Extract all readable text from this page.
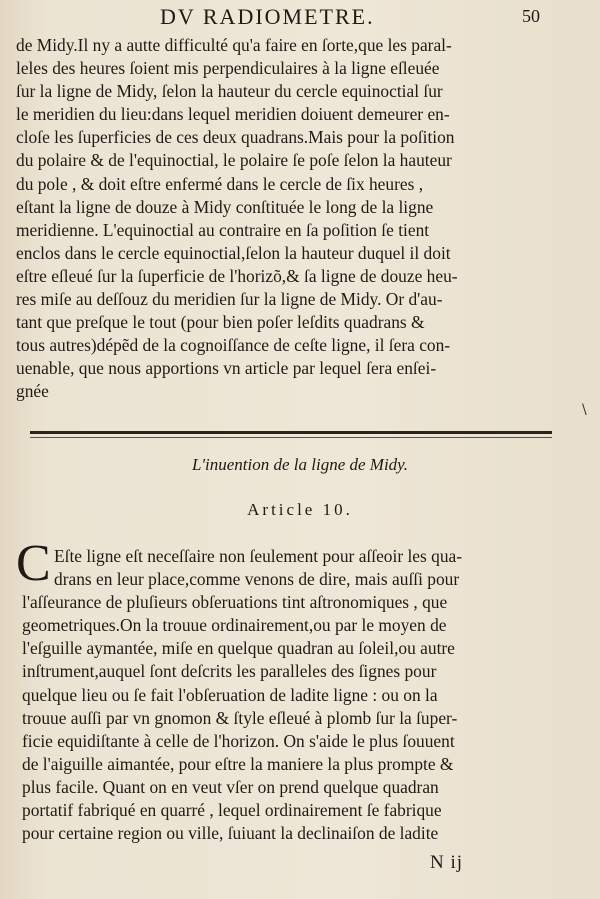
DV RADIOMETRE.	50
de Midy.Il ny a autte difficulté qu'a faire en ſorte,que les paral-
leles des heures ſoient mis perpendiculaires à la ligne eſleuée
ſur la ligne de Midy, ſelon la hauteur du cercle equinoctial ſur
le meridien du lieu:dans lequel meridien doiuent demeurer en-
cloſe les ſuperficies de ces deux quadrans.Mais pour la poſition
du polaire & de l'equinoctial, le polaire ſe poſe ſelon la hauteur
du pole , & doit eſtre enfermé dans le cercle de ſix heures ,
eſtant la ligne de douze à Midy conſtituée le long de la ligne
meridienne. L'equinoctial au contraire en ſa poſition ſe tient
enclos dans le cercle equinoctial,ſelon la hauteur duquel il doit
eſtre eſleué ſur la ſuperficie de l'horizõ,& ſa ligne de douze heu-
res miſe au deſſouz du meridien ſur la ligne de Midy. Or d'au-
tant que preſque le tout (pour bien poſer leſdits quadrans &
tous autres)dépẽd de la cognoiſſance de ceſte ligne, il ſera con-
uenable, que nous apportions vn article par lequel ſera enſei-
gnée
\
L'inuention de la ligne de Midy.
Article 10.
C Eſte ligne eſt neceſſaire non ſeulement pour aſſeoir les qua-
drans en leur place,comme venons de dire, mais auſſi pour
l'aſſeurance de pluſieurs obſeruations tint aſtronomiques , que
geometriques.On la trouue ordinairement,ou par le moyen de
l'eſguille aymantée, miſe en quelque quadran au ſoleil,ou autre
inſtrument,auquel ſont deſcrits les paralleles des ſignes pour
quelque lieu ou ſe fait l'obſeruation de ladite ligne : ou on la
trouue auſſi par vn gnomon & ſtyle eſleué à plomb ſur la ſuper-
ficie equidiſtante à celle de l'horizon. On s'aide le plus ſouuent
de l'aiguille aimantée, pour eſtre la maniere la plus prompte &
plus facile. Quant on en veut vſer on prend quelque quadran
portatif fabriqué en quarré , lequel ordinairement ſe fabrique
pour certaine region ou ville, ſuiuant la declinaiſon de ladite
N ij
